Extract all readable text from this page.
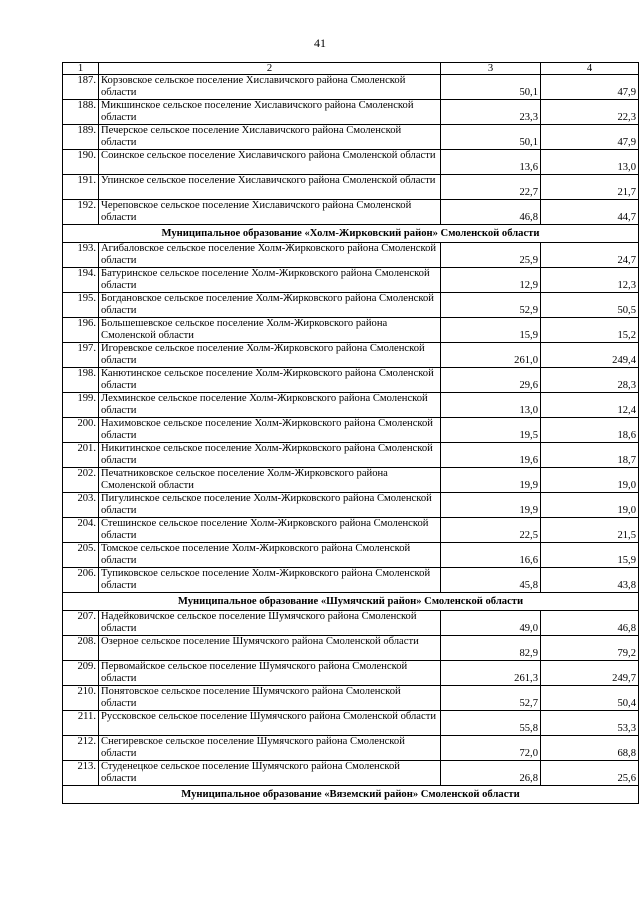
41
1	2	3	4
187.	Корзовское сельское поселение Хиславичского района Смоленской области	50,1	47,9
188.	Микшинское сельское поселение Хиславичского района Смоленской области	23,3	22,3
189.	Печерское сельское поселение Хиславичского района Смоленской области	50,1	47,9
190.	Соинское сельское поселение Хиславичского района Смоленской области	13,6	13,0
191.	Упинское сельское поселение Хиславичского района Смоленской области	22,7	21,7
192.	Череповское сельское поселение Хиславичского района Смоленской области	46,8	44,7
Муниципальное образование «Холм-Жирковский район» Смоленской области			
193.	Агибаловское сельское поселение Холм-Жирковского района Смоленской области	25,9	24,7
194.	Батуринское сельское поселение Холм-Жирковского района Смоленской области	12,9	12,3
195.	Богдановское сельское поселение Холм-Жирковского района Смоленской области	52,9	50,5
196.	Большешевское сельское поселение Холм-Жирковского района Смоленской области	15,9	15,2
197.	Игоревское сельское поселение Холм-Жирковского района Смоленской области	261,0	249,4
198.	Канютинское сельское поселение Холм-Жирковского района Смоленской области	29,6	28,3
199.	Лехминское сельское поселение Холм-Жирковского района Смоленской области	13,0	12,4
200.	Нахимовское сельское поселение Холм-Жирковского района Смоленской области	19,5	18,6
201.	Никитинское сельское поселение Холм-Жирковского района Смоленской области	19,6	18,7
202.	Печатниковское сельское поселение Холм-Жирковского района Смоленской области	19,9	19,0
203.	Пигулинское сельское поселение Холм-Жирковского района Смоленской области	19,9	19,0
204.	Стешинское сельское поселение Холм-Жирковского района Смоленской области	22,5	21,5
205.	Томское сельское поселение Холм-Жирковского района Смоленской области	16,6	15,9
206.	Тупиковское сельское поселение Холм-Жирковского района Смоленской области	45,8	43,8
Муниципальное образование «Шумячский район» Смоленской области			
207.	Надейковичское сельское поселение Шумячского района Смоленской области	49,0	46,8
208.	Озерное сельское поселение Шумячского района Смоленской области	82,9	79,2
209.	Первомайское сельское поселение Шумячского района Смоленской области	261,3	249,7
210.	Понятовское сельское поселение Шумячского района Смоленской области	52,7	50,4
211.	Руссковское сельское поселение Шумячского района Смоленской области	55,8	53,3
212.	Снегиревское сельское поселение Шумячского района Смоленской области	72,0	68,8
213.	Студенецкое сельское поселение Шумячского района Смоленской области	26,8	25,6
Муниципальное образование «Вяземский район» Смоленской области			
